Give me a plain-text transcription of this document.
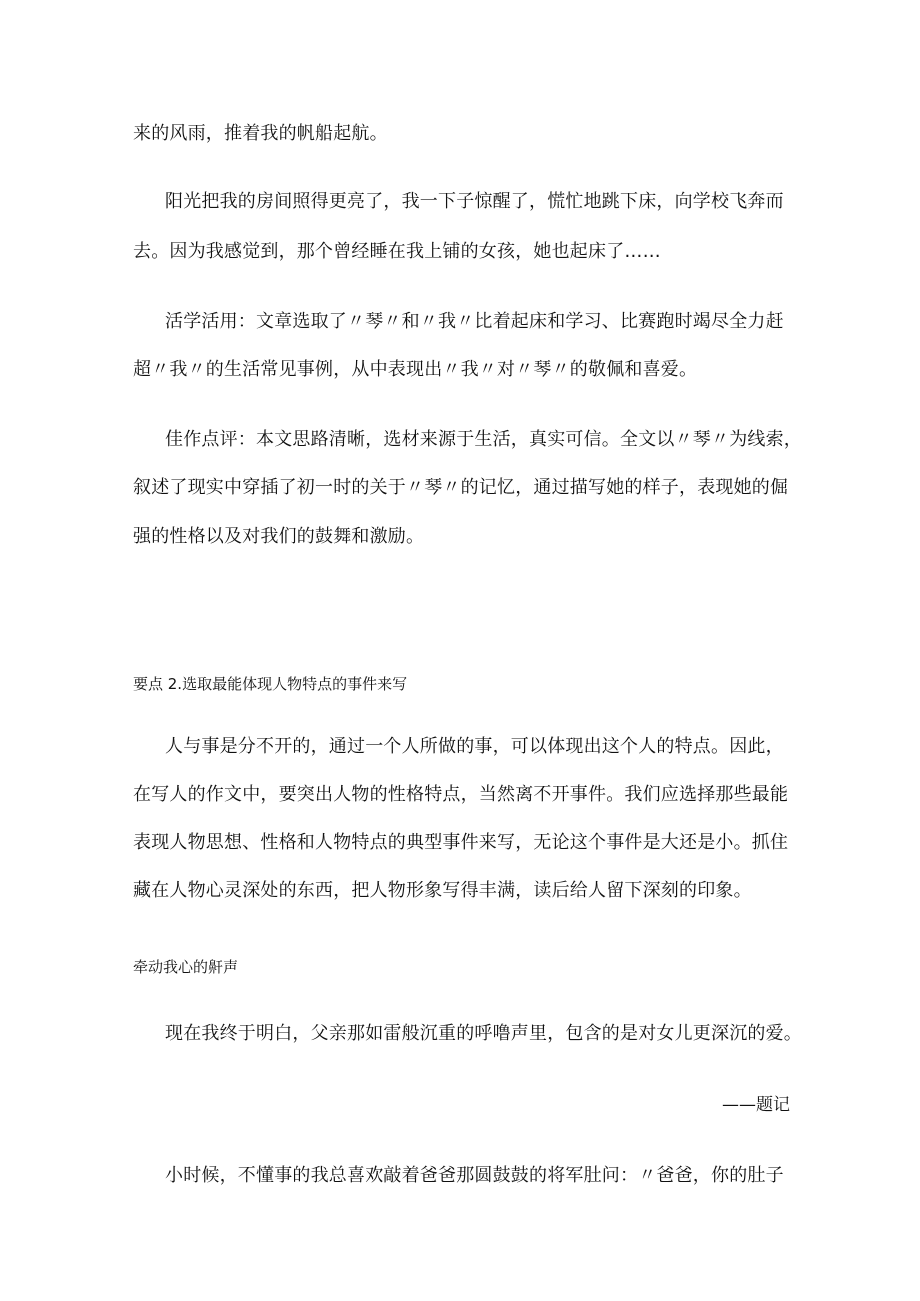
来的风雨，推着我的帆船起航。
阳光把我的房间照得更亮了，我一下子惊醒了，慌忙地跳下床，向学校飞奔而
去。因为我感觉到，那个曾经睡在我上铺的女孩，她也起床了……
活学活用：文章选取了〃琴〃和〃我〃比着起床和学习、比赛跑时竭尽全力赶
超〃我〃的生活常见事例，从中表现出〃我〃对〃琴〃的敬佩和喜爱。
佳作点评：本文思路清晰，选材来源于生活，真实可信。全文以〃琴〃为线索，
叙述了现实中穿插了初一时的关于〃琴〃的记忆，通过描写她的样子，表现她的倔
强的性格以及对我们的鼓舞和激励。
要点 2.选取最能体现人物特点的事件来写
人与事是分不开的，通过一个人所做的事，可以体现出这个人的特点。因此，
在写人的作文中，要突出人物的性格特点，当然离不开事件。我们应选择那些最能
表现人物思想、性格和人物特点的典型事件来写，无论这个事件是大还是小。抓住
藏在人物心灵深处的东西，把人物形象写得丰满，读后给人留下深刻的印象。
牵动我心的鼾声
现在我终于明白，父亲那如雷般沉重的呼噜声里，包含的是对女儿更深沉的爱。
——题记
小时候，不懂事的我总喜欢敲着爸爸那圆鼓鼓的将军肚问：〃爸爸，你的肚子
